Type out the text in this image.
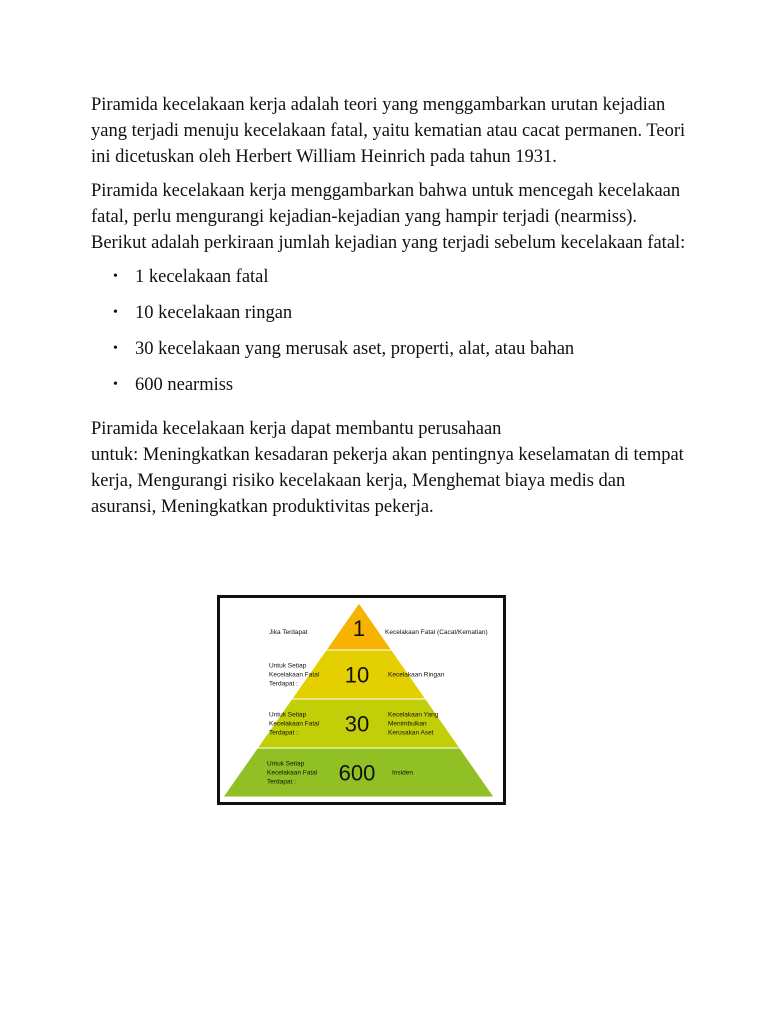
Piramida kecelakaan kerja adalah teori yang menggambarkan urutan kejadian yang terjadi menuju kecelakaan fatal, yaitu kematian atau cacat permanen. Teori ini dicetuskan oleh Herbert William Heinrich pada tahun 1931.

Piramida kecelakaan kerja menggambarkan bahwa untuk mencegah kecelakaan fatal, perlu mengurangi kejadian-kejadian yang hampir terjadi (nearmiss). Berikut adalah perkiraan jumlah kejadian yang terjadi sebelum kecelakaan fatal:

• 1 kecelakaan fatal
• 10 kecelakaan ringan
• 30 kecelakaan yang merusak aset, properti, alat, atau bahan
• 600 nearmiss

Piramida kecelakaan kerja dapat membantu perusahaan
untuk: Meningkatkan kesadaran pekerja akan pentingnya keselamatan di tempat kerja, Mengurangi risiko kecelakaan kerja, Menghemat biaya medis dan asuransi, Meningkatkan produktivitas pekerja.

1
Jika Terdapat	Kecelakaan Fatal (Cacat/Kematian)
10
Untuk Setiap
Kecelakaan Fatal
Terdapat :
Kecelakaan Ringan
30
Untuk Setiap
Kecelakaan Fatal
Terdapat :
Kecelakaan Yang
Menimbulkan
Kerusakan Aset
600
Untuk Setiap
Kecelakaan Fatal
Terdapat :
Insiden
